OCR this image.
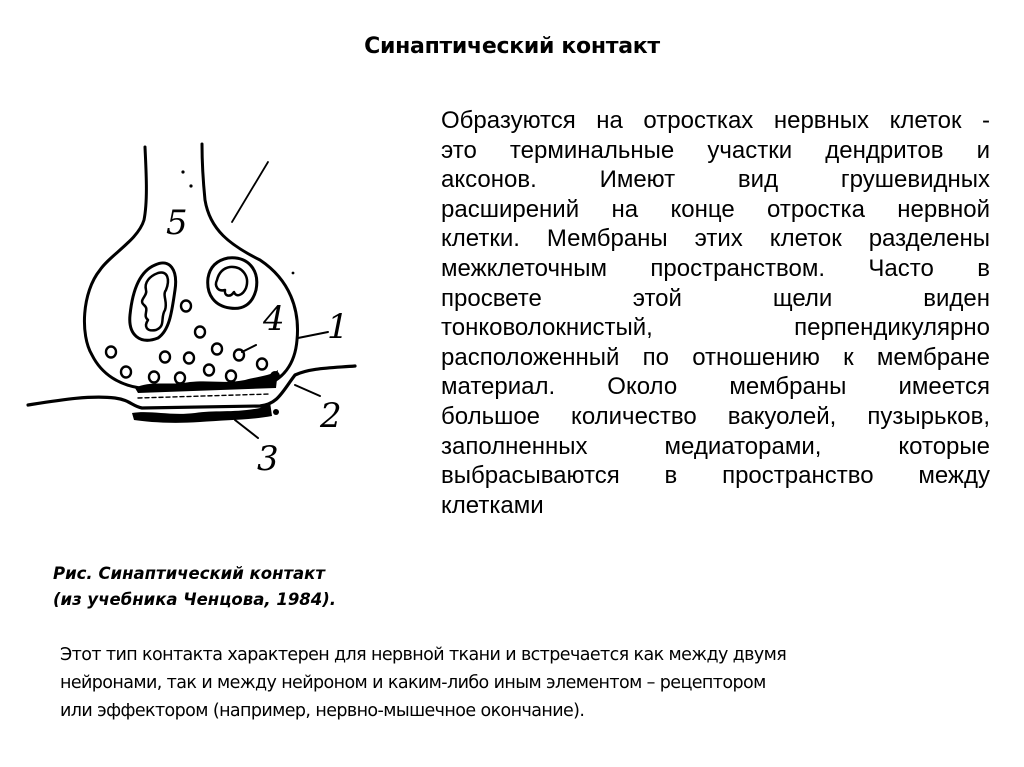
Синаптический контакт
5
4 1
2
3
Образуются на отростках нервных клеток -
это терминальные участки дендритов и
аксонов. Имеют вид грушевидных
расширений на конце отростка нервной
клетки. Мембраны этих клеток разделены
межклеточным пространством. Часто в
просвете этой щели виден
тонковолокнистый, перпендикулярно
расположенный по отношению к мембране
материал. Около мембраны имеется
большое количество вакуолей, пузырьков,
заполненных медиаторами, которые
выбрасываются в пространство между
клетками
Рис. Синаптический контакт
(из учебника Ченцова, 1984).
Этот тип контакта характерен для нервной ткани и встречается как между двумя
нейронами, так и между нейроном и каким-либо иным элементом – рецептором
или эффектором (например, нервно-мышечное окончание).
